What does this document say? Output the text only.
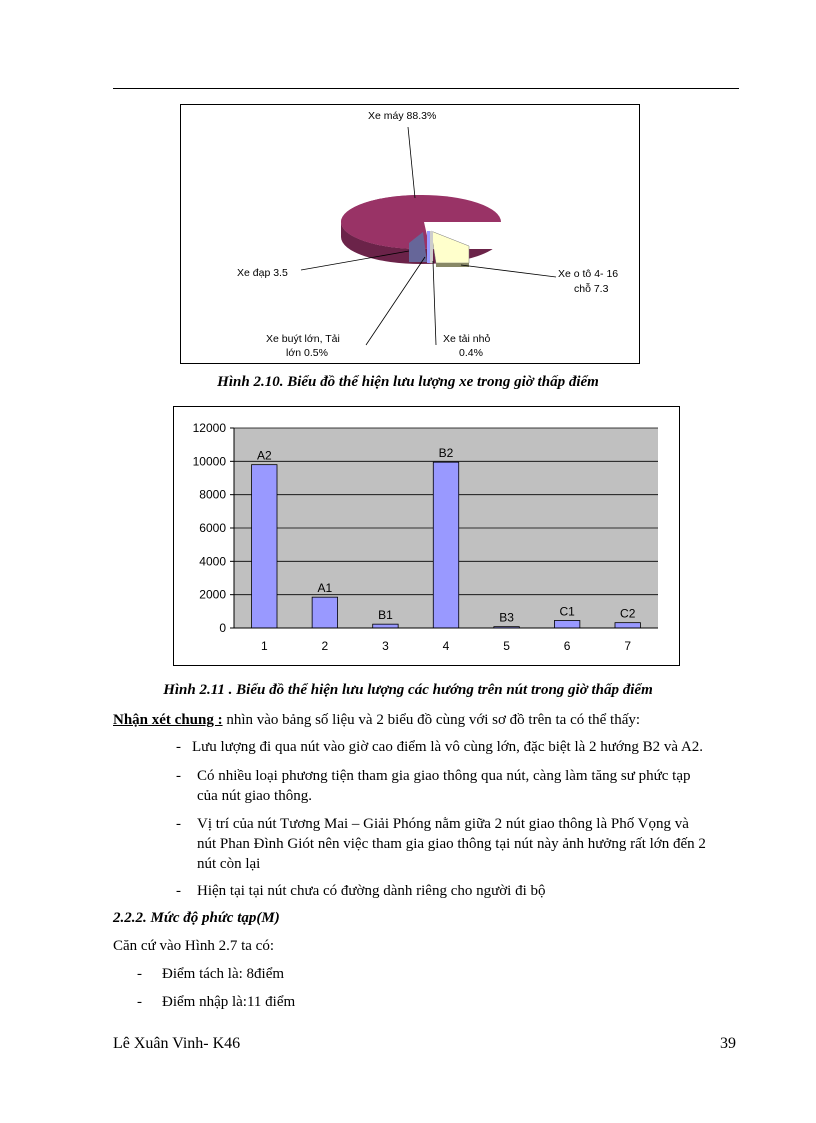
Xe máy 88.3%
Xe đạp 3.5	Xe o tô 4- 16
chỗ 7.3
Xe buýt lớn, Tải
lớn 0.5%
Xe tải nhỏ
0.4%
Hình 2.10. Biểu đồ thể hiện lưu lượng xe trong giờ thấp điểm
0
2000
4000
6000
8000
10000
12000
1	2	3	4	5	6	7
A2
A1
B1
B2
B3	C1	C2
Hình 2.11 . Biểu đồ thể hiện lưu lượng các hướng trên nút trong giờ thấp điểm
Nhận xét chung : nhìn vào bảng số liệu và 2 biểu đồ cùng với sơ đồ trên ta có thể thấy:
- Lưu lượng đi qua nút vào giờ cao điểm là vô cùng lớn, đặc biệt là 2 hướng B2 và A2.
- Có nhiều loại phương tiện tham gia giao thông qua nút, càng làm tăng sư phức tạp
của nút giao thông.
- Vị trí của nút Tương Mai – Giải Phóng nằm giữa 2 nút giao thông là Phố Vọng và
nút Phan Đình Giót nên việc tham gia giao thông tại nút này ảnh hưởng rất lớn đến 2
nút còn lại
- Hiện tại tại nút chưa có đường dành riêng cho người đi bộ
2.2.2. Mức độ phức tạp(M)
Căn cứ vào Hình 2.7 ta có:
- Điểm tách là: 8điểm
- Điểm nhập là:11 điểm
Lê Xuân Vinh- K46	39
